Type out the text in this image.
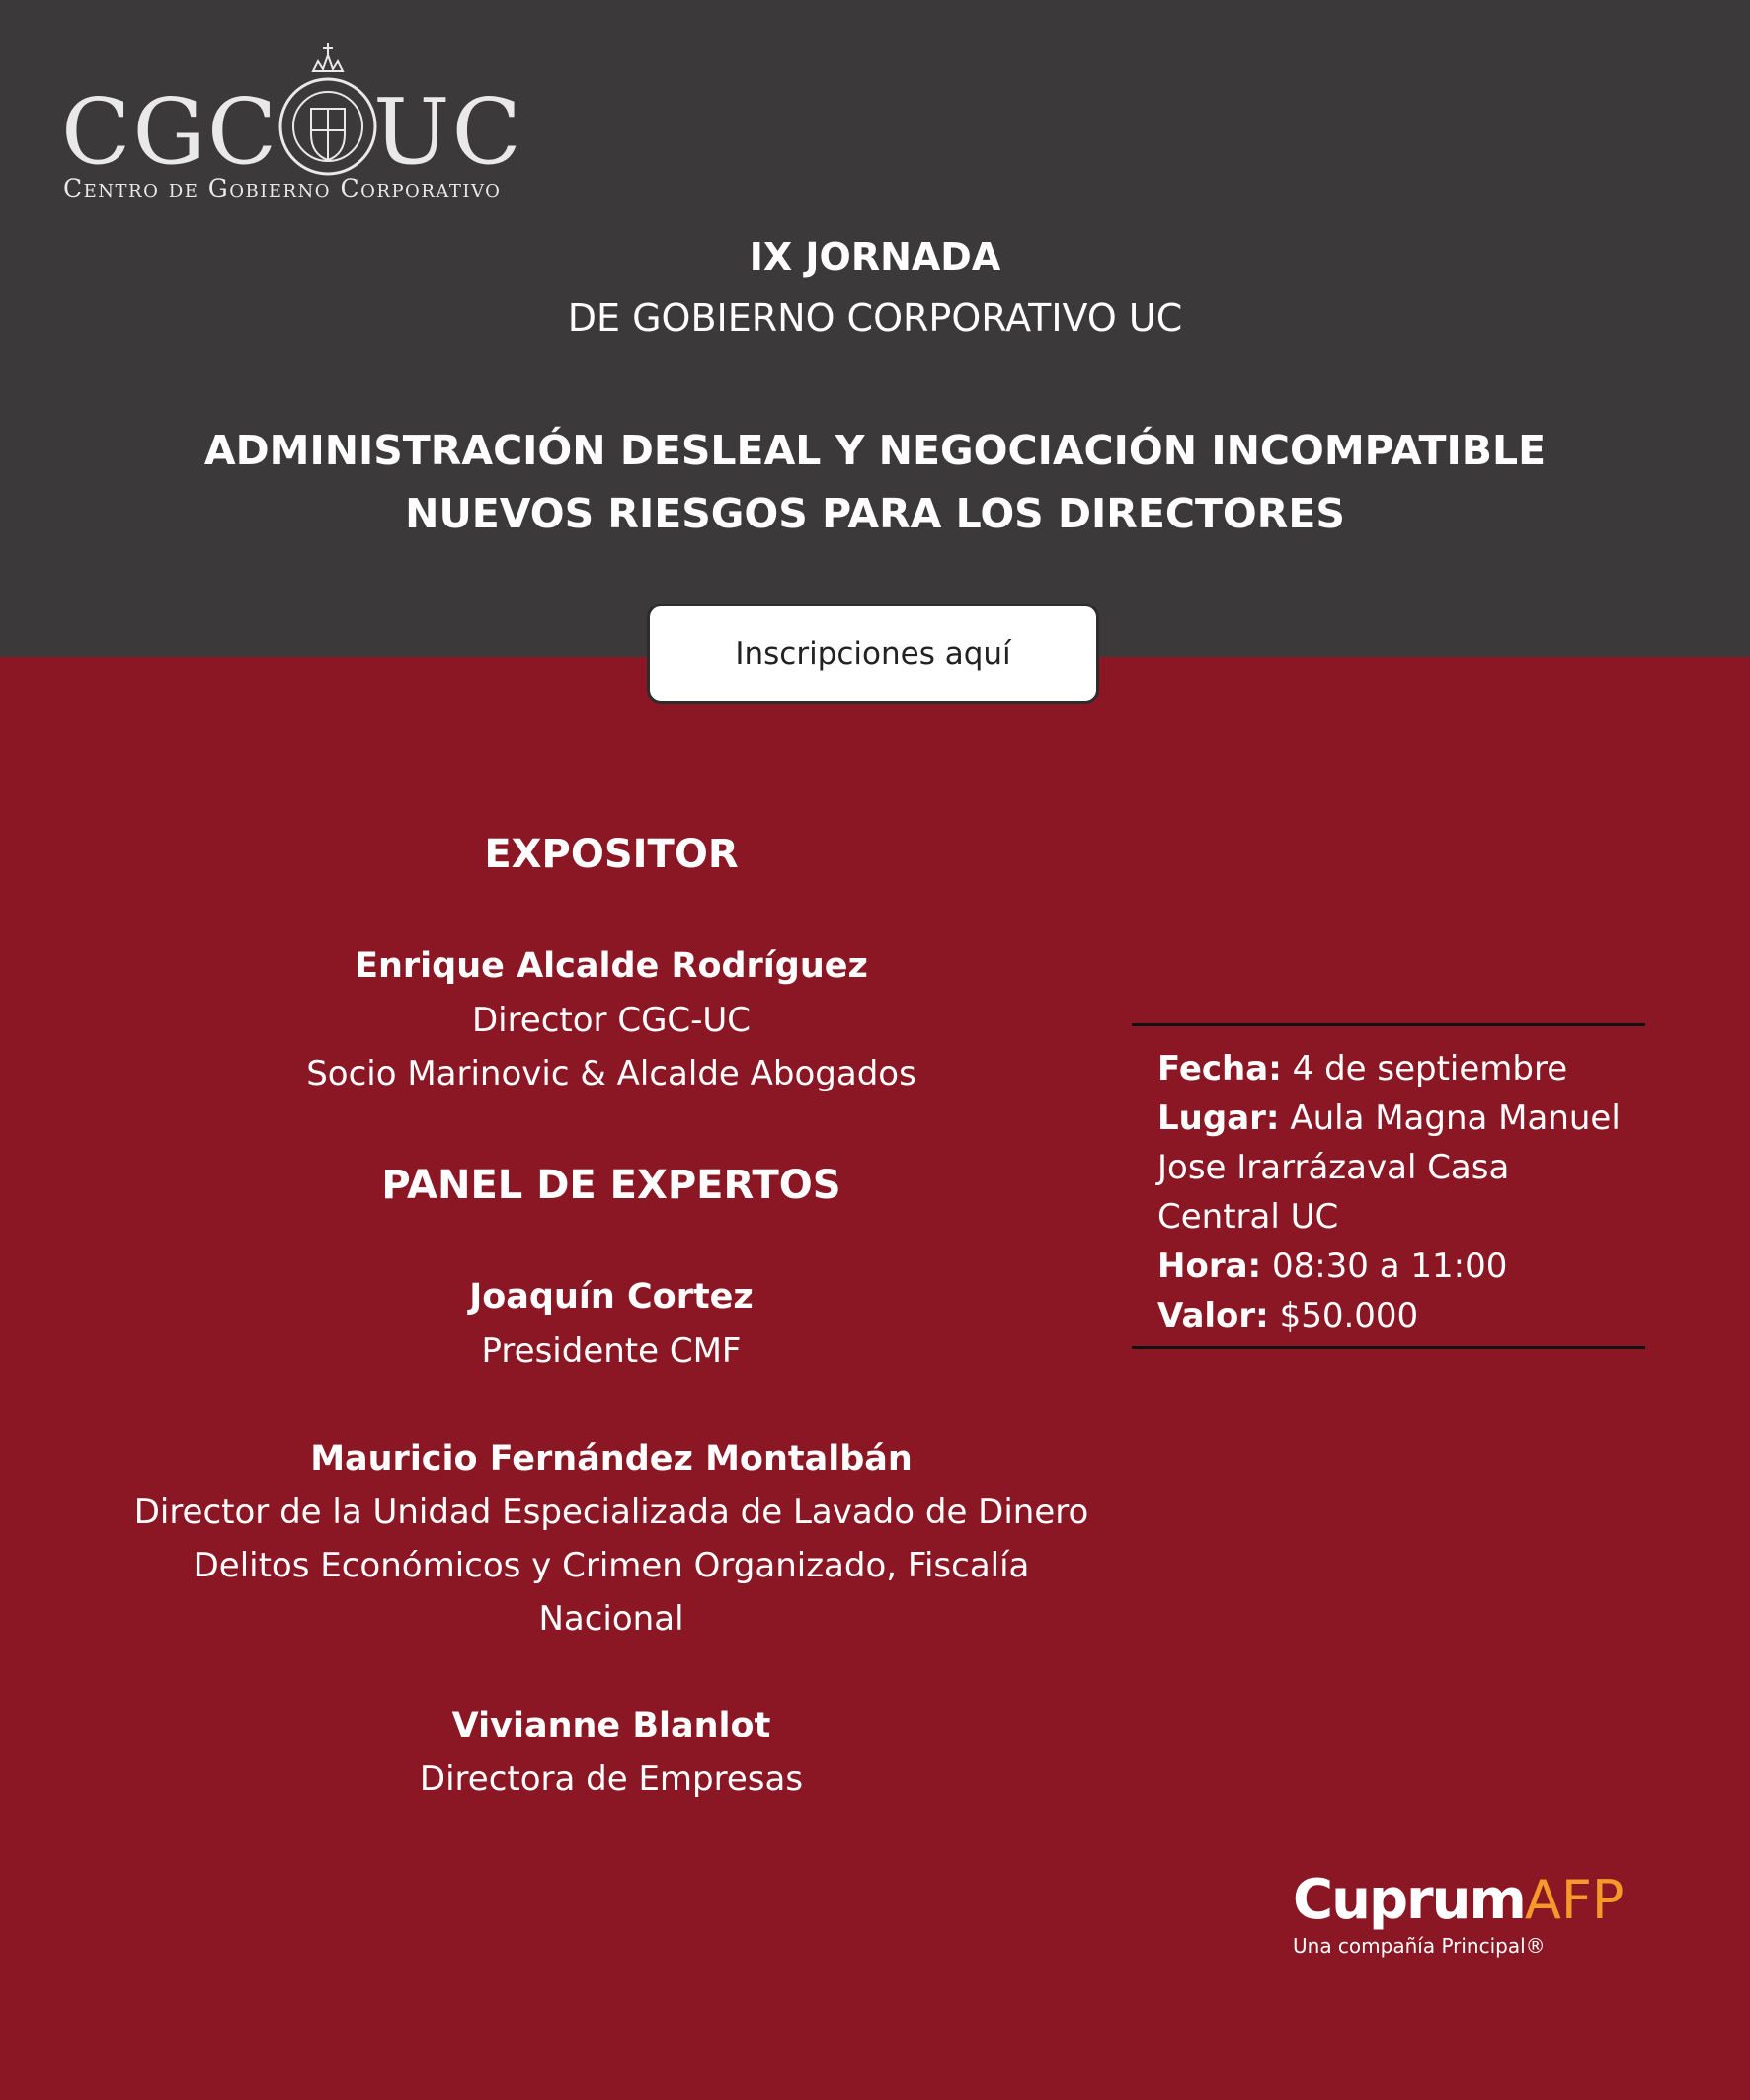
CGC UC
Centro de Gobierno Corporativo
IX JORNADA
DE GOBIERNO CORPORATIVO UC
ADMINISTRACIÓN DESLEAL Y NEGOCIACIÓN INCOMPATIBLE
NUEVOS RIESGOS PARA LOS DIRECTORES
Inscripciones aquí
EXPOSITOR
Enrique Alcalde Rodríguez
Director CGC-UC
Socio Marinovic & Alcalde Abogados
PANEL DE EXPERTOS
Joaquín Cortez
Presidente CMF
Mauricio Fernández Montalbán
Director de la Unidad Especializada de Lavado de Dinero
Delitos Económicos y Crimen Organizado, Fiscalía
Nacional
Vivianne Blanlot
Directora de Empresas
Fecha: 4 de septiembre
Lugar: Aula Magna Manuel
Jose Irarrázaval Casa
Central UC
Hora: 08:30 a 11:00
Valor: $50.000
CuprumAFP
Una compañía Principal®
